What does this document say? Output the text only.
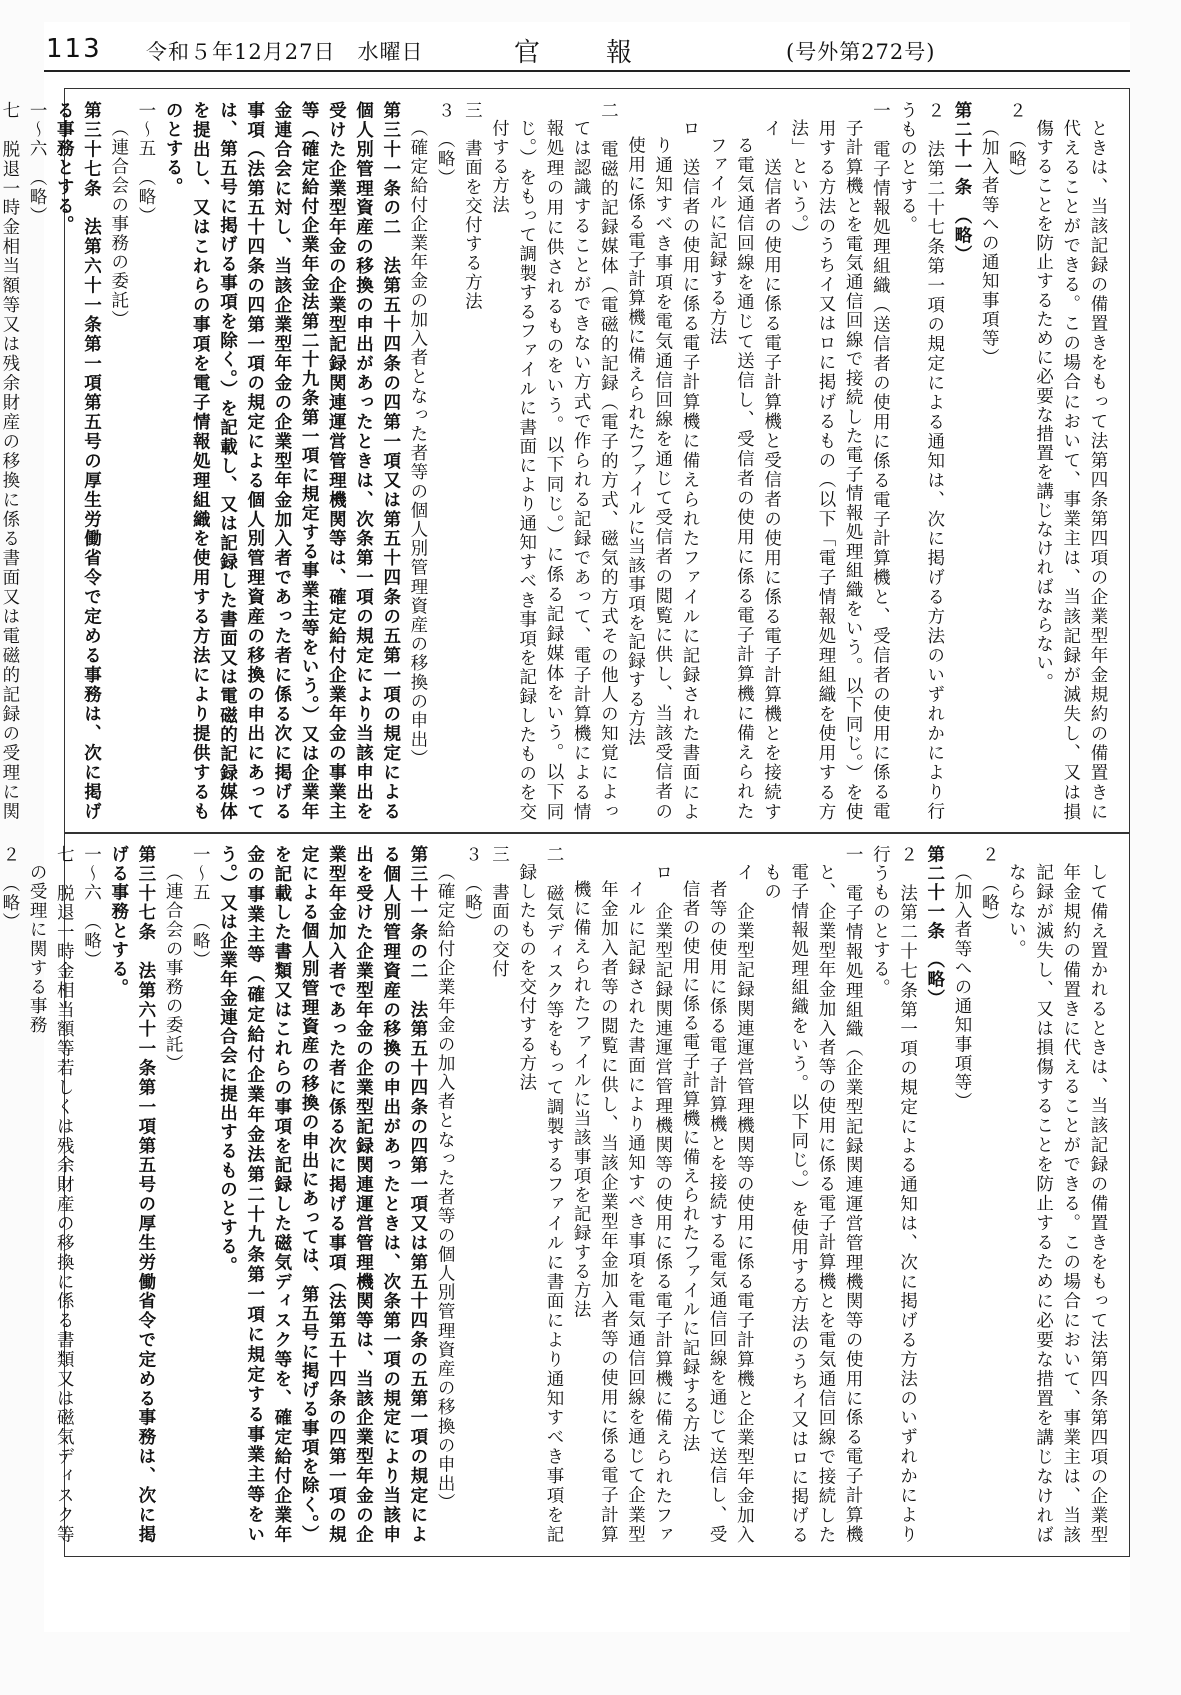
113 令和５年12月27日　水曜日	官報	(号外第272号)

ときは、当該記録の備置きをもって法第四条第四項の企業型年金規約の備置きに代えることができる。この場合において、事業主は、当該記録が滅失し、又は損傷することを防止するために必要な措置を講じなければならない。

２　（略）

（加入者等への通知事項等）

第二十一条　（略）

２　法第二十七条第一項の規定による通知は、次に掲げる方法のいずれかにより行うものとする。

一　電子情報処理組織（送信者の使用に係る電子計算機と、受信者の使用に係る電子計算機とを電気通信回線で接続した電子情報処理組織をいう。以下同じ。）を使用する方法のうちイ又はロに掲げるもの（以下「電子情報処理組織を使用する方法」という。）

イ　送信者の使用に係る電子計算機と受信者の使用に係る電子計算機とを接続する電気通信回線を通じて送信し、受信者の使用に係る電子計算機に備えられたファイルに記録する方法

ロ　送信者の使用に係る電子計算機に備えられたファイルに記録された書面により通知すべき事項を電気通信回線を通じて受信者の閲覧に供し、当該受信者の使用に係る電子計算機に備えられたファイルに当該事項を記録する方法

二　電磁的記録媒体（電磁的記録（電子的方式、磁気的方式その他人の知覚によっては認識することができない方式で作られる記録であって、電子計算機による情報処理の用に供されるものをいう。以下同じ。）に係る記録媒体をいう。以下同じ。）をもって調製するファイルに書面により通知すべき事項を記録したものを交付する方法

三　書面を交付する方法

３　（略）

（確定給付企業年金の加入者となった者等の個人別管理資産の移換の申出）

第三十一条の二　法第五十四条の四第一項又は第五十四条の五第一項の規定による個人別管理資産の移換の申出があったときは、次条第一項の規定により当該申出を受けた企業型年金の企業型記録関連運営管理機関等は、確定給付企業年金の事業主等（確定給付企業年金法第二十九条第一項に規定する事業主等をいう。）又は企業年金連合会に対し、当該企業型年金の企業型年金加入者であった者に係る次に掲げる事項（法第五十四条の四第一項の規定による個人別管理資産の移換の申出にあっては、第五号に掲げる事項を除く。）を記載し、又は記録した書面又は電磁的記録媒体を提出し、又はこれらの事項を電子情報処理組織を使用する方法により提供するものとする。

一～五　（略）

（連合会の事務の委託）

第三十七条　法第六十一条第一項第五号の厚生労働省令で定める事務は、次に掲げる事務とする。

一～六　（略）

七　脱退一時金相当額等又は残余財産の移換に係る書面又は電磁的記録の受理に関

して備え置かれるときは、当該記録の備置きをもって法第四条第四項の企業型年金規約の備置きに代えることができる。この場合において、事業主は、当該記録が滅失し、又は損傷することを防止するために必要な措置を講じなければならない。

２　（略）

（加入者等への通知事項等）

第二十一条　（略）

２　法第二十七条第一項の規定による通知は、次に掲げる方法のいずれかにより行うものとする。

一　電子情報処理組織（企業型記録関連運営管理機関等の使用に係る電子計算機と、企業型年金加入者等の使用に係る電子計算機とを電気通信回線で接続した電子情報処理組織をいう。以下同じ。）を使用する方法のうちイ又はロに掲げるもの

イ　企業型記録関連運営管理機関等の使用に係る電子計算機と企業型年金加入者等の使用に係る電子計算機とを接続する電気通信回線を通じて送信し、受信者の使用に係る電子計算機に備えられたファイルに記録する方法

ロ　企業型記録関連運営管理機関等の使用に係る電子計算機に備えられたファイルに記録された書面により通知すべき事項を電気通信回線を通じて企業型年金加入者等の閲覧に供し、当該企業型年金加入者等の使用に係る電子計算機に備えられたファイルに当該事項を記録する方法

二　磁気ディスク等をもって調製するファイルに書面により通知すべき事項を記録したものを交付する方法

三　書面の交付

３　（略）

（確定給付企業年金の加入者となった者等の個人別管理資産の移換の申出）

第三十一条の二　法第五十四条の四第一項又は第五十四条の五第一項の規定による個人別管理資産の移換の申出があったときは、次条第一項の規定により当該申出を受けた企業型年金の企業型記録関連運営管理機関等は、当該企業型年金の企業型年金加入者であった者に係る次に掲げる事項（法第五十四条の四第一項の規定による個人別管理資産の移換の申出にあっては、第五号に掲げる事項を除く。）を記載した書類又はこれらの事項を記録した磁気ディスク等を、確定給付企業年金の事業主等（確定給付企業年金法第二十九条第一項に規定する事業主等をいう。）又は企業年金連合会に提出するものとする。

一～五　（略）

（連合会の事務の委託）

第三十七条　法第六十一条第一項第五号の厚生労働省令で定める事務は、次に掲げる事務とする。

一～六　（略）

七　脱退一時金相当額等若しくは残余財産の移換に係る書類又は磁気ディスク等の受理に関する事務

２　（略）
